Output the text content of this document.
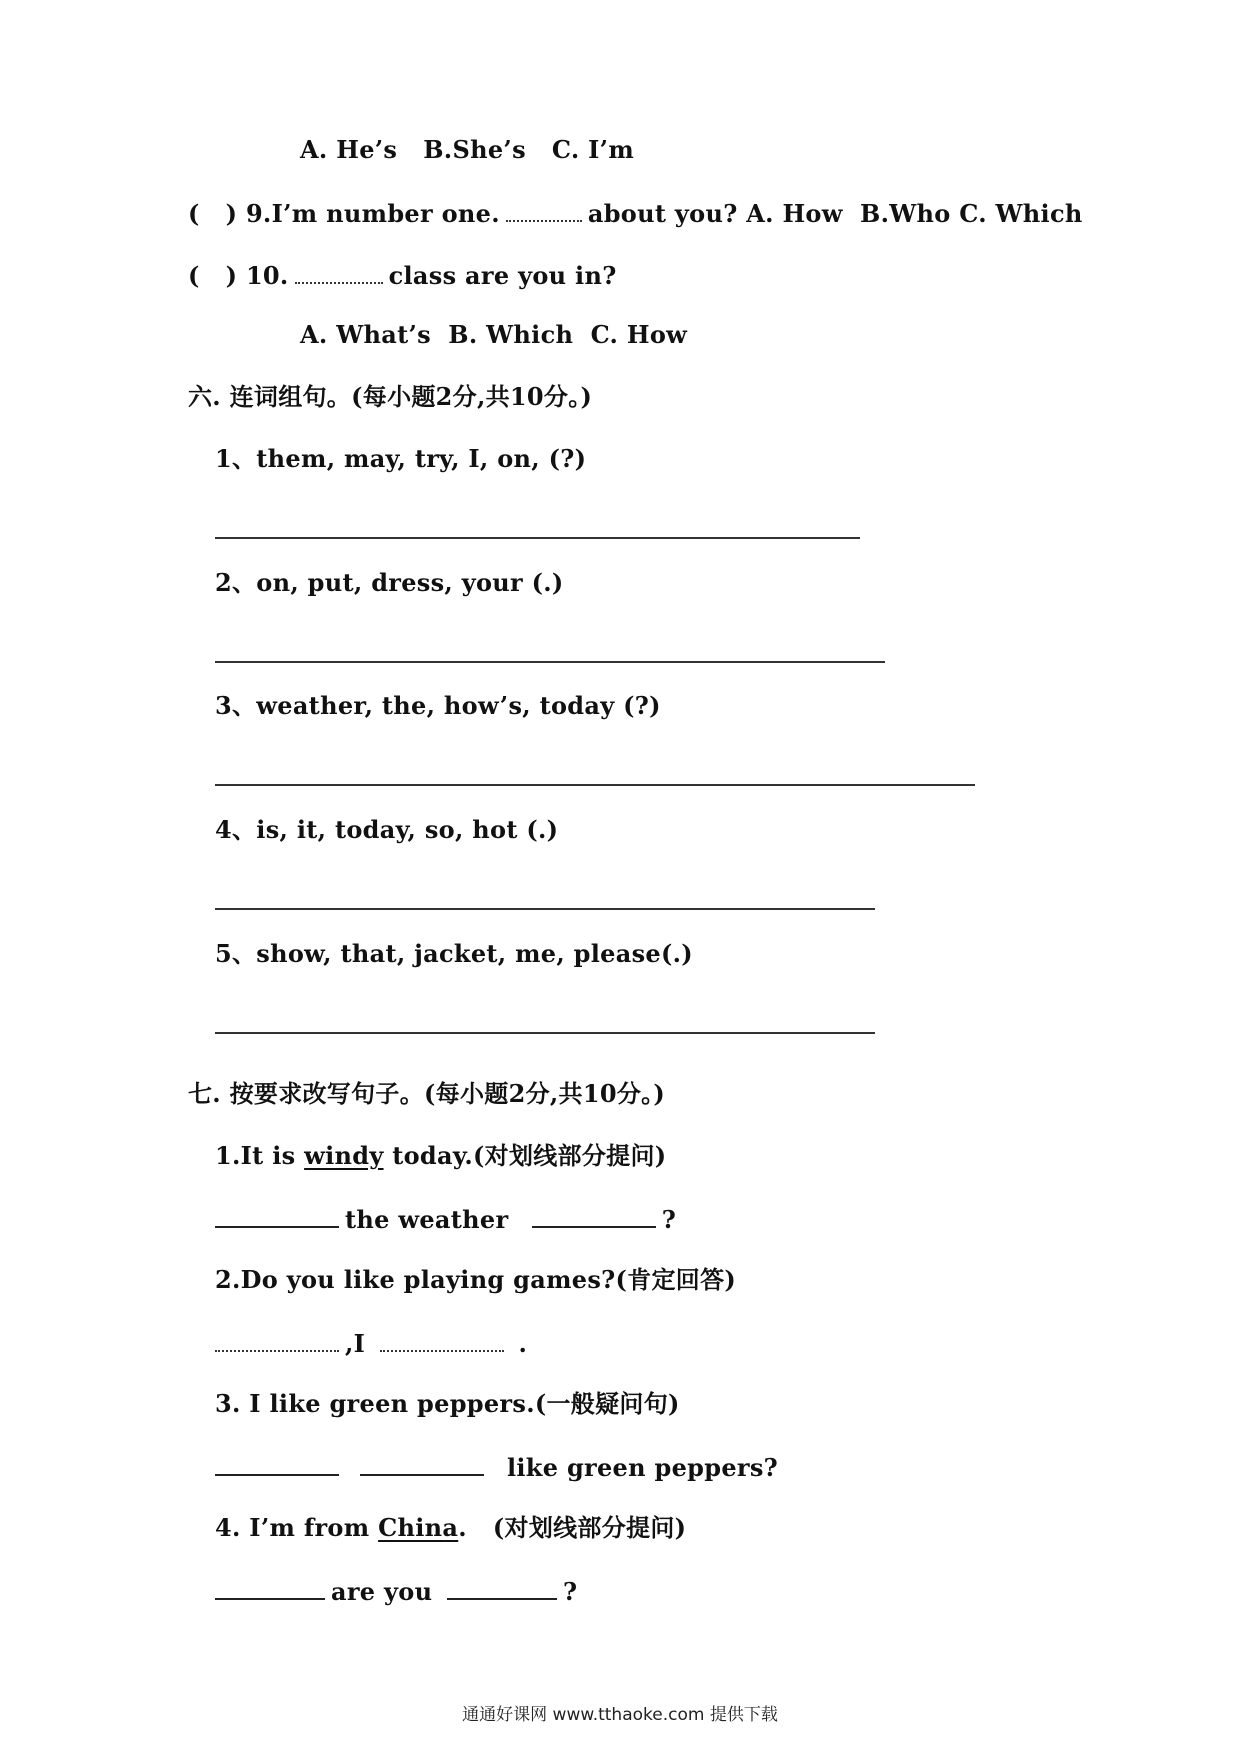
A. He’s B.She’s C. I’m
(   ) 9.I’m number one.	about you? A. How B.Who C. Which
(   ) 10.	class are you in?
A. What’s B. Which C. How
六. 连词组句。(每小题2分,共10分。)
1、them, may, try, I, on, (?)
2、on, put, dress, your (.)
3、weather, the, how’s, today (?)
4、is, it, today, so, hot (.)
5、show, that, jacket, me, please(.)
七. 按要求改写句子。(每小题2分,共10分。)
1.It is windy today.(对划线部分提问)
the weather	?
2.Do you like playing games?(肯定回答)
,I	.
3. I like green peppers.(一般疑问句)
like green peppers?
4. I’m from China.   (对划线部分提问)
are you	?
通通好课网 www.tthaoke.com 提供下载
